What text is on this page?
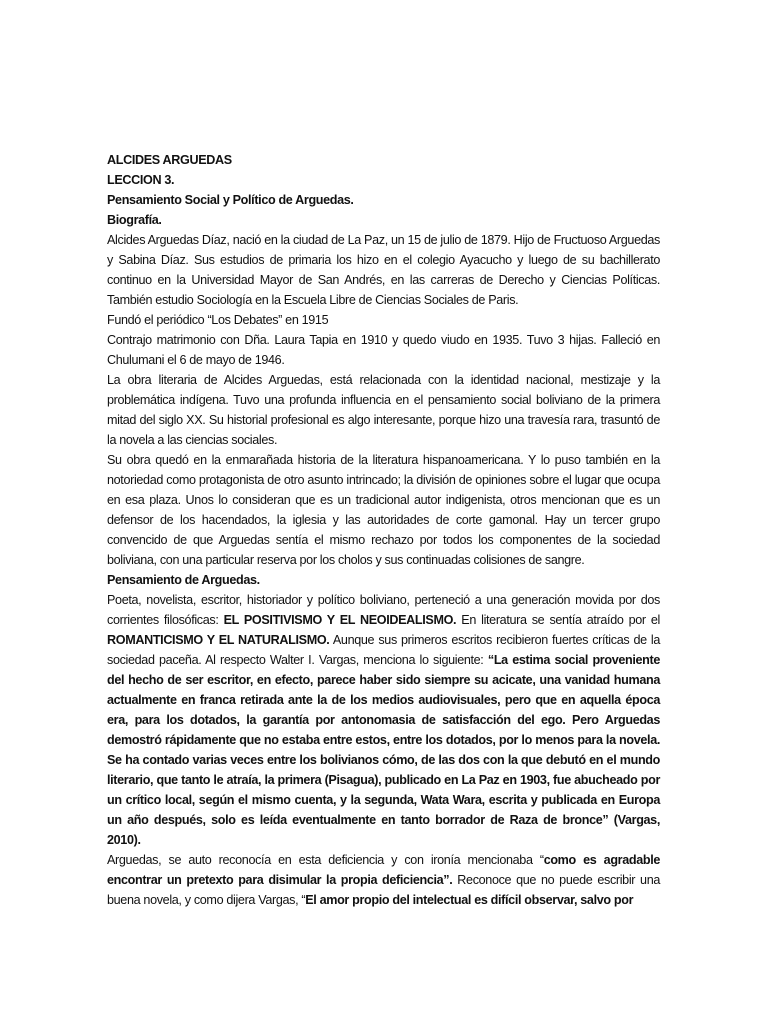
ALCIDES ARGUEDAS
LECCION 3.
Pensamiento Social y Político de Arguedas.
Biografía.

Alcides Arguedas Díaz, nació en la ciudad de La Paz, un 15 de julio de 1879. Hijo de Fructuoso Arguedas y Sabina Díaz. Sus estudios de primaria los hizo en el colegio Ayacucho y luego de su bachillerato continuo en la Universidad Mayor de San Andrés, en las carreras de Derecho y Ciencias Políticas. También estudio Sociología en la Escuela Libre de Ciencias Sociales de Paris.

Fundó el periódico “Los Debates” en 1915

Contrajo matrimonio con Dña. Laura Tapia en 1910 y quedo viudo en 1935. Tuvo 3 hijas. Falleció en Chulumani el 6 de mayo de 1946.

La obra literaria de Alcides Arguedas, está relacionada con la identidad nacional, mestizaje y la problemática indígena. Tuvo una profunda influencia en el pensamiento social boliviano de la primera mitad del siglo XX. Su historial profesional es algo interesante, porque hizo una travesía rara, trasuntó de la novela a las ciencias sociales.

Su obra quedó en la enmarañada historia de la literatura hispanoamericana. Y lo puso también en la notoriedad como protagonista de otro asunto intrincado; la división de opiniones sobre el lugar que ocupa en esa plaza. Unos lo consideran que es un tradicional autor indigenista, otros mencionan que es un defensor de los hacendados, la iglesia y las autoridades de corte gamonal. Hay un tercer grupo convencido de que Arguedas sentía el mismo rechazo por todos los componentes de la sociedad boliviana, con una particular reserva por los cholos y sus continuadas colisiones de sangre.

Pensamiento de Arguedas.

Poeta, novelista, escritor, historiador y político boliviano, perteneció a una generación movida por dos corrientes filosóficas: EL POSITIVISMO Y EL NEOIDEALISMO. En literatura se sentía atraído por el ROMANTICISMO Y EL NATURALISMO. Aunque sus primeros escritos recibieron fuertes críticas de la sociedad paceña. Al respecto Walter I. Vargas, menciona lo siguiente: “La estima social proveniente del hecho de ser escritor, en efecto, parece haber sido siempre su acicate, una vanidad humana actualmente en franca retirada ante la de los medios audiovisuales, pero que en aquella época era, para los dotados, la garantía por antonomasia de satisfacción del ego. Pero Arguedas demostró rápidamente que no estaba entre estos, entre los dotados, por lo menos para la novela. Se ha contado varias veces entre los bolivianos cómo, de las dos con la que debutó en el mundo literario, que tanto le atraía, la primera (Pisagua), publicado en La Paz en 1903, fue abucheado por un crítico local, según el mismo cuenta, y la segunda, Wata Wara, escrita y publicada en Europa un año después, solo es leída eventualmente en tanto borrador de Raza de bronce” (Vargas, 2010).

Arguedas, se auto reconocía en esta deficiencia y con ironía mencionaba “como es agradable encontrar un pretexto para disimular la propia deficiencia”. Reconoce que no puede escribir una buena novela, y como dijera Vargas, “El amor propio del intelectual es difícil observar, salvo por
